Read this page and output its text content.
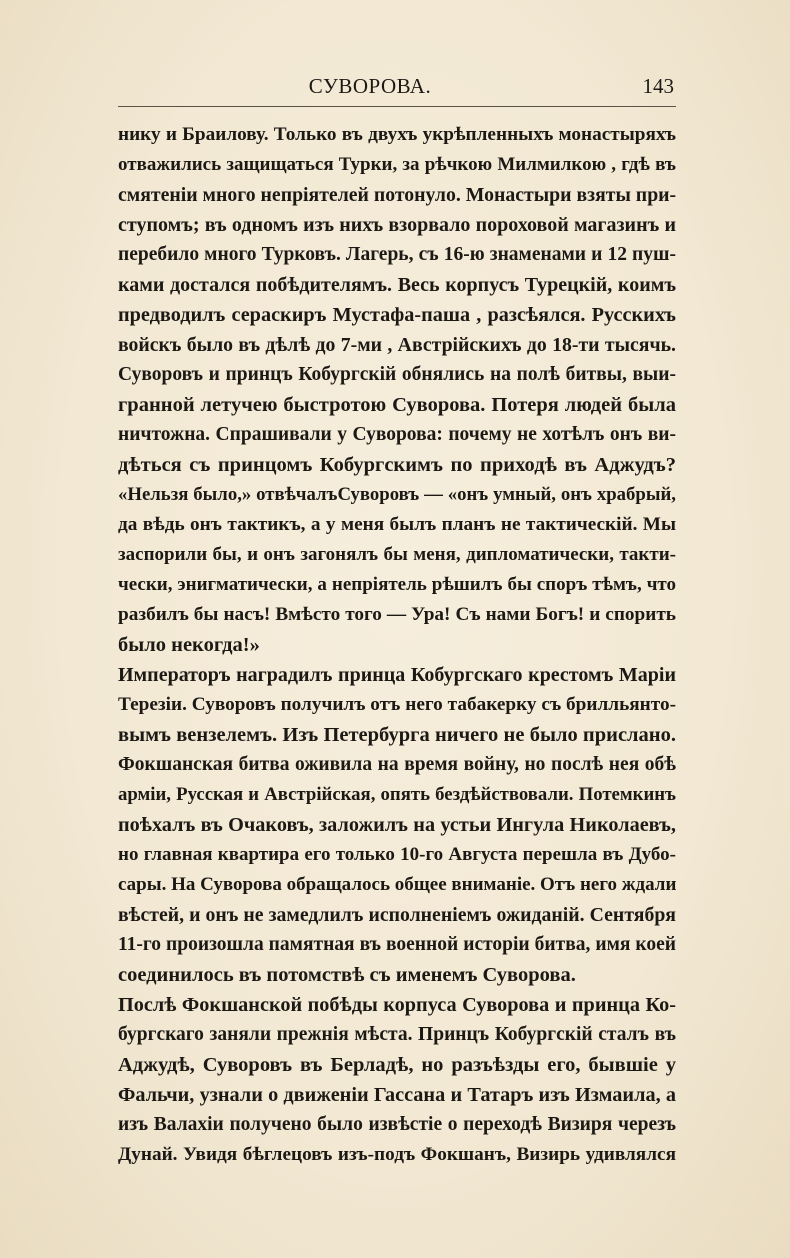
СУВОРОВА.	143
нику и Браилову. Только въ двухъ укрѣпленныхъ монастыряхъ
отважились защищаться Турки, за рѣчкою Милмилкою , гдѣ въ
смятеніи много непріятелей потонуло. Монастыри взяты при-
ступомъ; въ одномъ изъ нихъ взорвало пороховой магазинъ и
перебило много Турковъ. Лагерь, съ 16-ю знаменами и 12 пуш-
ками достался побѣдителямъ. Весь корпусъ Турецкій, коимъ
предводилъ сераскиръ Мустафа-паша , разсѣялся. Русскихъ
войскъ было въ дѣлѣ до 7-ми , Австрійскихъ до 18-ти тысячь.
Суворовъ и принцъ Кобургскій обнялись на полѣ битвы, выи-
гранной летучею быстротою Суворова. Потеря людей была
ничтожна. Спрашивали у Суворова: почему не хотѣлъ онъ ви-
дѣться съ принцомъ Кобургскимъ по приходѣ въ Аджудъ?
«Нельзя было,» отвѣчалъСуворовъ — «онъ умный, онъ храбрый,
да вѣдь онъ тактикъ, а у меня былъ планъ не тактическій. Мы
заспорили бы, и онъ загонялъ бы меня, дипломатически, такти-
чески, энигматически, а непріятель рѣшилъ бы споръ тѣмъ, что
разбилъ бы насъ! Вмѣсто того — Ура! Съ нами Богъ! и спорить
было некогда!»
Императоръ наградилъ принца Кобургскаго крестомъ Маріи
Терезіи. Суворовъ получилъ отъ него табакерку съ брилльянто-
вымъ вензелемъ. Изъ Петербурга ничего не было прислано.
Фокшанская битва оживила на время войну, но послѣ нея обѣ
арміи, Русская и Австрійская, опять бездѣйствовали. Потемкинъ
поѣхалъ въ Очаковъ, заложилъ на устьи Ингула Николаевъ,
но главная квартира его только 10-го Августа перешла въ Дубо-
сары. На Суворова обращалось общее вниманіе. Отъ него ждали
вѣстей, и онъ не замедлилъ исполненіемъ ожиданій. Сентября
11-го произошла памятная въ военной исторіи битва, имя коей
соединилось въ потомствѣ съ именемъ Суворова.
Послѣ Фокшанской побѣды корпуса Суворова и принца Ко-
бургскаго заняли прежнія мѣста. Принцъ Кобургскій сталъ въ
Аджудѣ, Суворовъ въ Берладѣ, но разъѣзды его, бывшіе у
Фальчи, узнали о движеніи Гассана и Татаръ изъ Измаила, а
изъ Валахіи получено было извѣстіе о переходѣ Визиря черезъ
Дунай. Увидя бѣглецовъ изъ-подъ Фокшанъ, Визирь удивлялся
